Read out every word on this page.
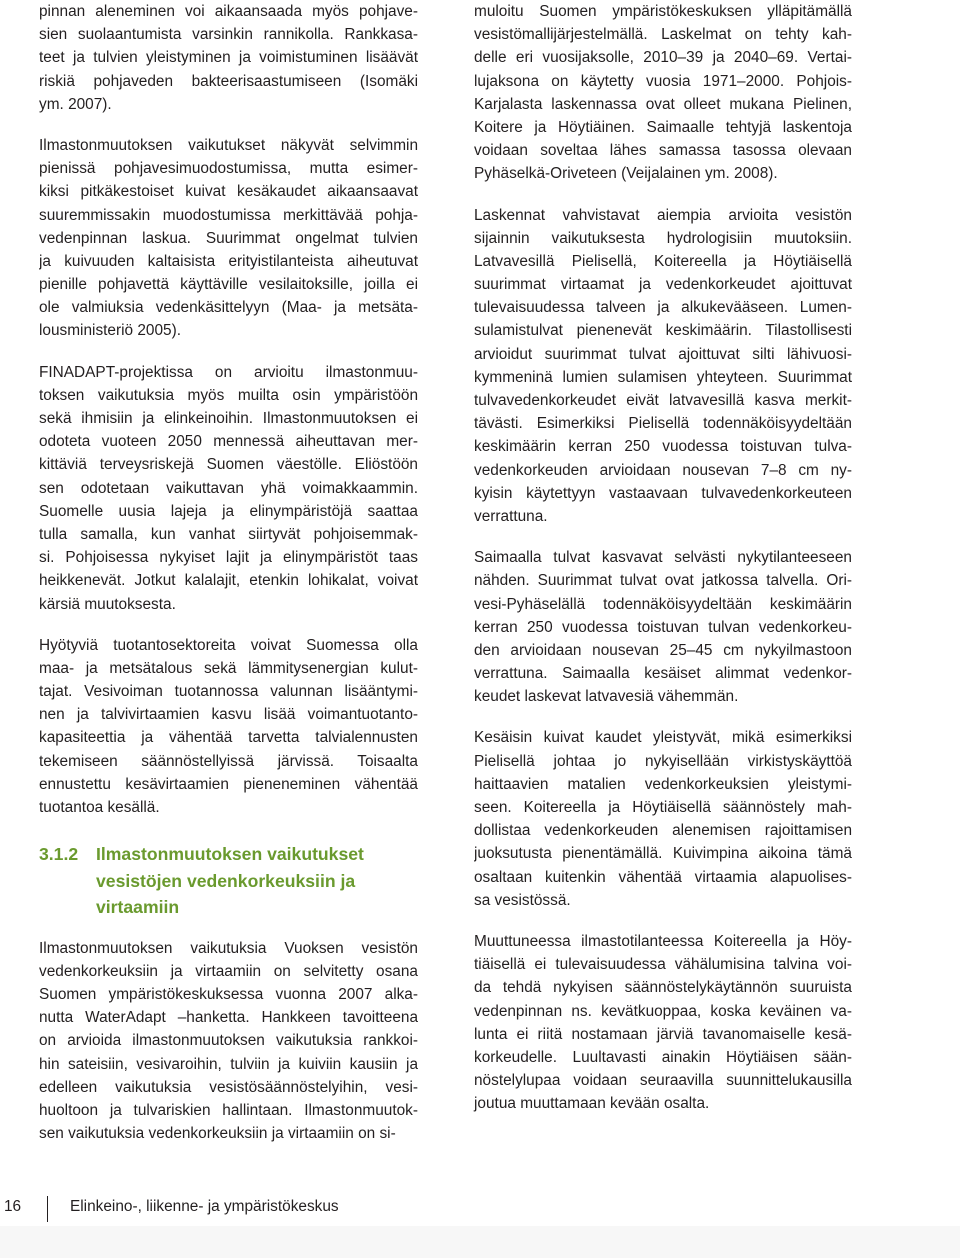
pinnan aleneminen voi aikaansaada myös pohjave-
sien suolaantumista varsinkin rannikolla. Rankkasa-
teet ja tulvien yleistyminen ja voimistuminen lisäävät
riskiä pohjaveden bakteerisaastumiseen (Isomäki
ym. 2007).
Ilmastonmuutoksen vaikutukset näkyvät selvimmin
pienissä pohjavesimuodostumissa, mutta esimer-
kiksi pitkäkestoiset kuivat kesäkaudet aikaansaavat
suuremmissakin muodostumissa merkittävää pohja-
vedenpinnan laskua. Suurimmat ongelmat tulvien
ja kuivuuden kaltaisista erityistilanteista aiheutuvat
pienille pohjavettä käyttäville vesilaitoksille, joilla ei
ole valmiuksia vedenkäsittelyyn (Maa- ja metsäta-
lousministeriö 2005).
FINADAPT-projektissa on arvioitu ilmastonmuu-
toksen vaikutuksia myös muilta osin ympäristöön
sekä ihmisiin ja elinkeinoihin. Ilmastonmuutoksen ei
odoteta vuoteen 2050 mennessä aiheuttavan mer-
kittäviä terveysriskejä Suomen väestölle. Eliöstöön
sen odotetaan vaikuttavan yhä voimakkaammin.
Suomelle uusia lajeja ja elinympäristöjä saattaa
tulla samalla, kun vanhat siirtyvät pohjoisemmak-
si. Pohjoisessa nykyiset lajit ja elinympäristöt taas
heikkenevät. Jotkut kalalajit, etenkin lohikalat, voivat
kärsiä muutoksesta.
Hyötyviä tuotantosektoreita voivat Suomessa olla
maa- ja metsätalous sekä lämmitysenergian kulut-
tajat. Vesivoiman tuotannossa valunnan lisääntymi-
nen ja talvivirtaamien kasvu lisää voimantuotanto-
kapasiteettia ja vähentää tarvetta talvialennusten
tekemiseen säännöstellyissä järvissä. Toisaalta
ennustettu kesävirtaamien pieneneminen vähentää
tuotantoa kesällä.
3.1.2 Ilmastonmuutoksen vaikutukset
vesistöjen vedenkorkeuksiin ja
virtaamiin
Ilmastonmuutoksen vaikutuksia Vuoksen vesistön
vedenkorkeuksiin ja virtaamiin on selvitetty osana
Suomen ympäristökeskuksessa vuonna 2007 alka-
nutta WaterAdapt –hanketta. Hankkeen tavoitteena
on arvioida ilmastonmuutoksen vaikutuksia rankkoi-
hin sateisiin, vesivaroihin, tulviin ja kuiviin kausiin ja
edelleen vaikutuksia vesistösäännöstelyihin, vesi-
huoltoon ja tulvariskien hallintaan. Ilmastonmuutok-
sen vaikutuksia vedenkorkeuksiin ja virtaamiin on si-
muloitu Suomen ympäristökeskuksen ylläpitämällä
vesistömallijärjestelmällä. Laskelmat on tehty kah-
delle eri vuosijaksolle, 2010–39 ja 2040–69. Vertai-
lujaksona on käytetty vuosia 1971–2000. Pohjois-
Karjalasta laskennassa ovat olleet mukana Pielinen,
Koitere ja Höytiäinen. Saimaalle tehtyjä laskentoja
voidaan soveltaa lähes samassa tasossa olevaan
Pyhäselkä-Oriveteen (Veijalainen ym. 2008).
Laskennat vahvistavat aiempia arvioita vesistön
sijainnin vaikutuksesta hydrologisiin muutoksiin.
Latvavesillä Pielisellä, Koitereella ja Höytiäisellä
suurimmat virtaamat ja vedenkorkeudet ajoittuvat
tulevaisuudessa talveen ja alkukevääseen. Lumen-
sulamistulvat pienenevät keskimäärin. Tilastollisesti
arvioidut suurimmat tulvat ajoittuvat silti lähivuosi-
kymmeninä lumien sulamisen yhteyteen. Suurimmat
tulvavedenkorkeudet eivät latvavesillä kasva merkit-
tävästi. Esimerkiksi Pielisellä todennäköisyydeltään
keskimäärin kerran 250 vuodessa toistuvan tulva-
vedenkorkeuden arvioidaan nousevan 7–8 cm ny-
kyisin käytettyyn vastaavaan tulvavedenkorkeuteen
verrattuna.
Saimaalla tulvat kasvavat selvästi nykytilanteeseen
nähden. Suurimmat tulvat ovat jatkossa talvella. Ori-
vesi-Pyhäselällä todennäköisyydeltään keskimäärin
kerran 250 vuodessa toistuvan tulvan vedenkorkeu-
den arvioidaan nousevan 25–45 cm nykyilmastoon
verrattuna. Saimaalla kesäiset alimmat vedenkor-
keudet laskevat latvavesiä vähemmän.
Kesäisin kuivat kaudet yleistyvät, mikä esimerkiksi
Pielisellä johtaa jo nykyisellään virkistyskäyttöä
haittaavien matalien vedenkorkeuksien yleistymi-
seen. Koitereella ja Höytiäisellä säännöstely mah-
dollistaa vedenkorkeuden alenemisen rajoittamisen
juoksutusta pienentämällä. Kuivimpina aikoina tämä
osaltaan kuitenkin vähentää virtaamia alapuolises-
sa vesistössä.
Muuttuneessa ilmastotilanteessa Koitereella ja Höy-
tiäisellä ei tulevaisuudessa vähälumisina talvina voi-
da tehdä nykyisen säännöstelykäytännön suuruista
vedenpinnan ns. kevätkuoppaa, koska keväinen va-
lunta ei riitä nostamaan järviä tavanomaiselle kesä-
korkeudelle. Luultavasti ainakin Höytiäisen sään-
nöstelylupaa voidaan seuraavilla suunnittelukausilla
joutua muuttamaan kevään osalta.
16	Elinkeino-, liikenne- ja ympäristökeskus
